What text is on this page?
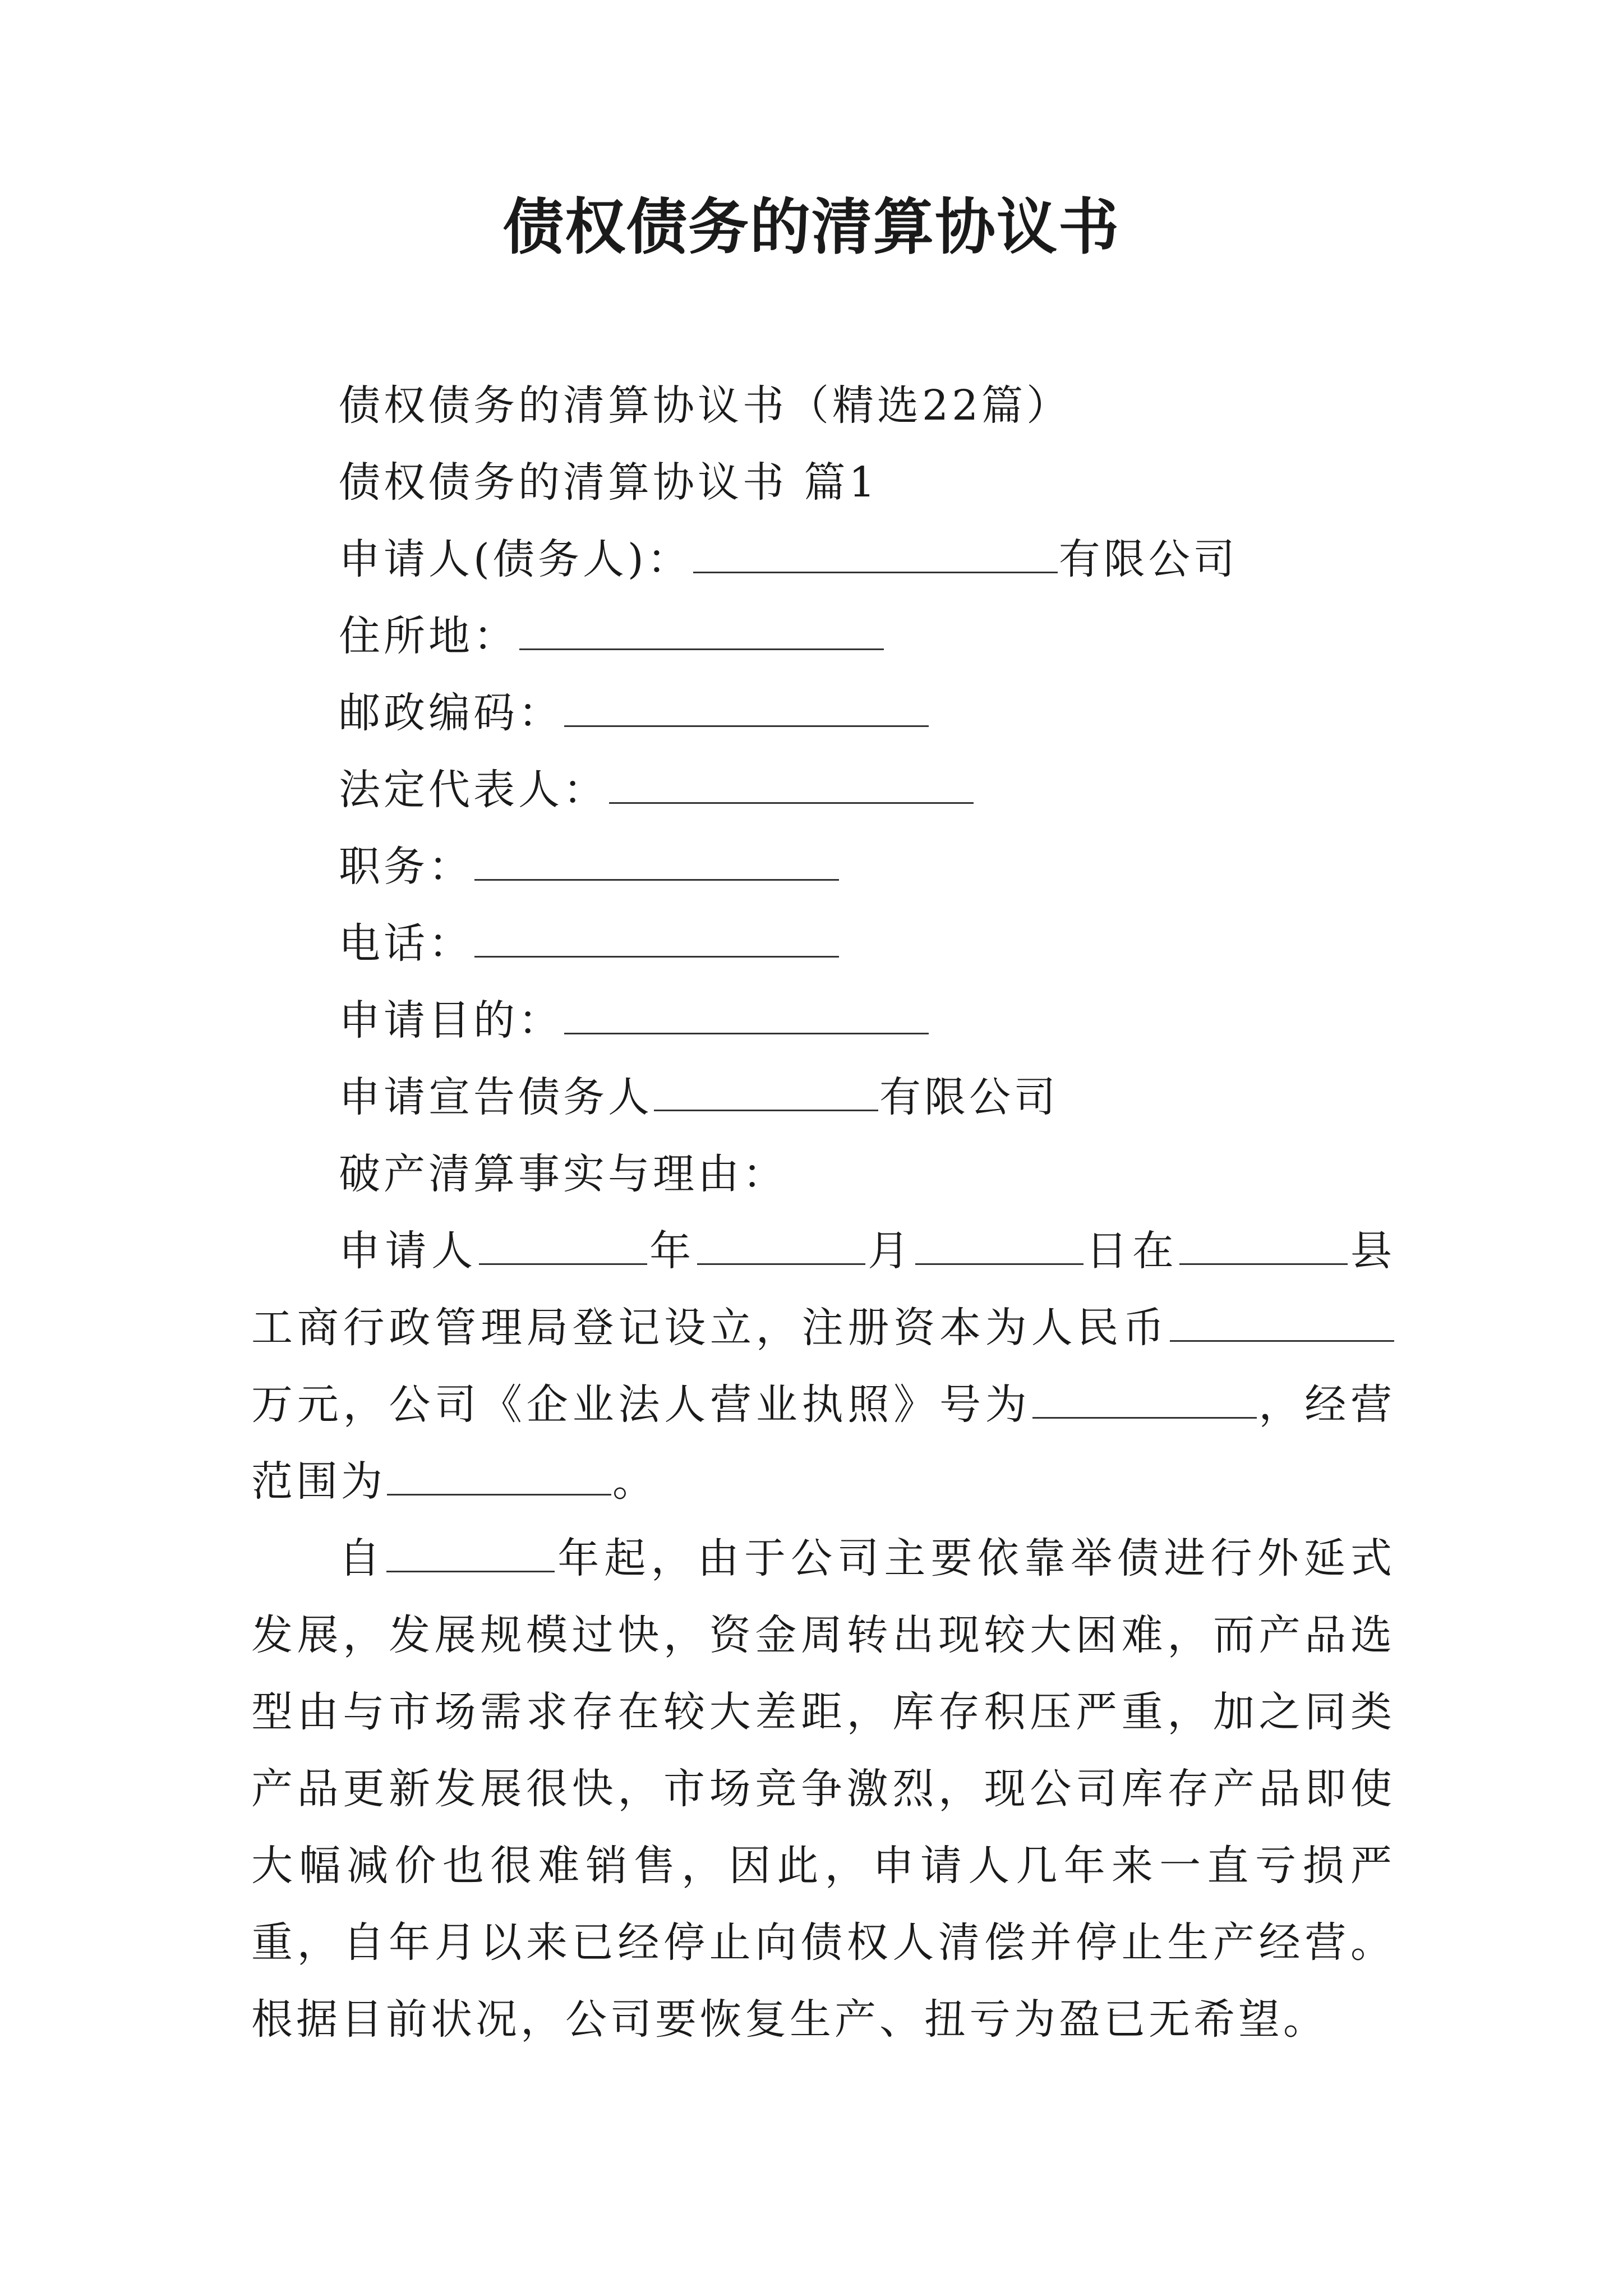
债权债务的清算协议书
债权债务的清算协议书（精选22篇）
债权债务的清算协议书 篇1
申请人(债务人)：	有限公司
住所地：
邮政编码：
法定代表人：
职务：
电话：
申请目的：
申请宣告债务人	有限公司
破产清算事实与理由：
申请人	年	月	日在	县工商行政管理局登记设立，注册资本为人民币万元，公司《企业法人营业执照》号为	，经营范围为	。
自	年起，由于公司主要依靠举债进行外延式发展，发展规模过快，资金周转出现较大困难，而产品选型由与市场需求存在较大差距，库存积压严重，加之同类产品更新发展很快，市场竞争激烈，现公司库存产品即使大幅减价也很难销售，因此，申请人几年来一直亏损严重，自年月以来已经停止向债权人清偿并停止生产经营。根据目前状况，公司要恢复生产、扭亏为盈已无希望。
